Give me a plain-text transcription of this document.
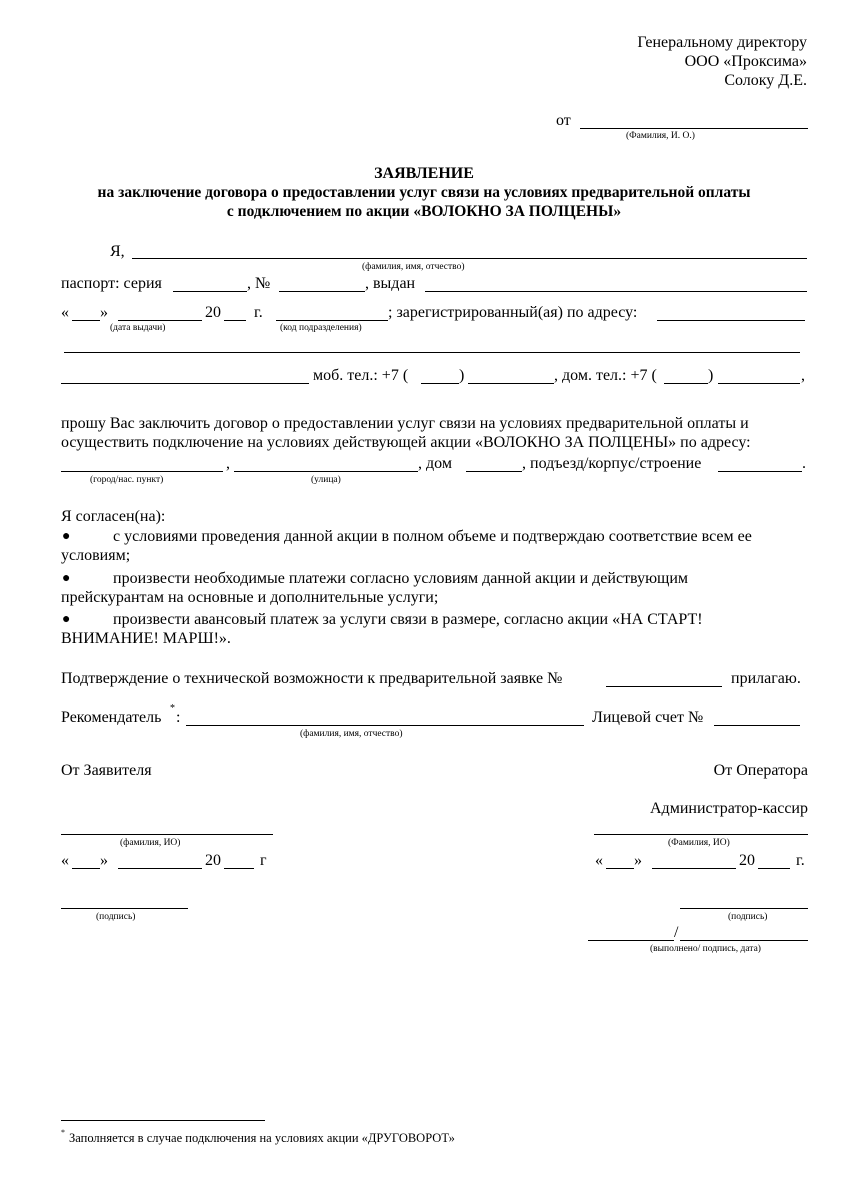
Генеральному директору
ООО «Проксима»
Солоку Д.Е.
от
(Фамилия, И. О.)
ЗАЯВЛЕНИЕ
на заключение договора о предоставлении услуг связи на условиях предварительной оплаты
с подключением по акции «ВОЛОКНО ЗА ПОЛЦЕНЫ»
Я,
(фамилия, имя, отчество)
паспорт: серия	, №	, выдан
« »	20 г.	; зарегистрированный(ая) по адресу:
(дата выдачи)	(код подразделения)
моб. тел.: +7 (	)	, дом. тел.: +7 (	)	,
прошу Вас заключить договор о предоставлении услуг связи на условиях предварительной оплаты и
осуществить подключение на условиях действующей акции «ВОЛОКНО ЗА ПОЛЦЕНЫ» по адресу:
,	, дом	, подъезд/корпус/строение	.
(город/нас. пункт)	(улица)
Я согласен(на):
●	с условиями проведения данной акции в полном объеме и подтверждаю соответствие всем ее
условиям;
●	произвести необходимые платежи согласно условиям данной акции и действующим
прейскурантам на основные и дополнительные услуги;
●	произвести авансовый платеж за услуги связи в размере, согласно акции «НА СТАРТ!
ВНИМАНИЕ! МАРШ!».
Подтверждение о технической возможности к предварительной заявке №	прилагаю.
Рекомендатель
*
:	Лицевой счет №
(фамилия, имя, отчество)
От Заявителя	От Оператора
Администратор-кассир
(фамилия, ИО)	(Фамилия, ИО)
« »	20 г	« »	20	г.
(подпись)	(подпись)
/
(выполнено/ подпись, дата)
* Заполняется в случае подключения на условиях акции «ДРУГОВОРОТ»
